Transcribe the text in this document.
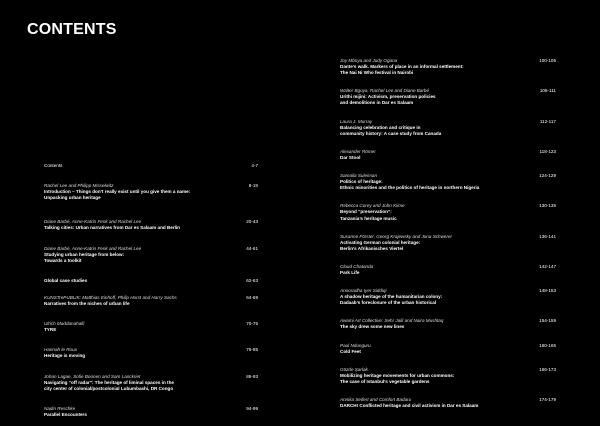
CONTENTS
Contents	4-7
Rachel Lee and Philipp Misselwitz
Introduction – Things don’t really exist until you give them a name:
Unpacking urban heritage
8-19
Diane Barbé, Anne-Katrin Fenk and Rachel Lee
Talking cities: Urban narratives from Dar es Salaam and Berlin
20-43
Diane Barbé, Anne-Katrin Fenk and Rachel Lee
Studying urban heritage from below:
Towards a toolkit
44-61
Global case studies	62-63
KUNSTrePUBLIK: Matthias Einhoff, Philip Horst and Harry Sachs
Narratives from the niches of urban life
64-69
Ulrich Maddanahalli
TYRE
70-75
Hannah le Roux
Heritage is moving
76-85
Johan Lagae, Sofie Boonen and Sam Lanckriet
Navigating “off radar”: The heritage of liminal spaces in the
city center of colonial/postcolonial Lubumbashi, DR Congo
86-93
Nadin Reschke
Parallel Encounters
94-99
Joy Mboya and Judy Ogana
Dante’s walk. Markers of place in an informal settlement:
The Nai Ni Who festival in Nairobi
100-105
Walter Bgoya, Rachel Lee and Diane Barbé
Urithi mijini: Activism, preservation policies
and demolitions in Dar es Salaam
106-111
Laura J. Murray
Balancing celebration and critique in
community history: A case study from Canada
112-117
Alexander Römer
Dar Stool
118-123
Samaila Suleiman
Politics of heritage:
Ethnic minorities and the politics of heritage in northern Nigeria
124-129
Rebecca Corey and John Kiime
Beyond “preservation”:
Tanzania’s heritage music
130-135
Susanne Förster, Georg Krajewsky and Jona Schwerer
Activating German colonial heritage:
Berlin’s Afrikanisches Viertel
136-141
Cloud Chatanda
Park Life
142-147
Anooradha Iyer Siddiqi
A shadow heritage of the humanitarian colony:
Dadaab’s foreclosure of the urban historical
148-153
Awami Art Collective: Sehr Jalil and Naira Mushtaq
The sky drew some new lines
154-159
Paul Ndunguru
Cold Feet
160-165
Gözde Şarlak
Mobilizing heritage movements for urban commons:
The case of Istanbul’s vegetable gardens
166-173
Annika Seifert and Comfort Badaru
DARCH! Conflicted heritage and civil activism in Dar es Salaam
174-179
